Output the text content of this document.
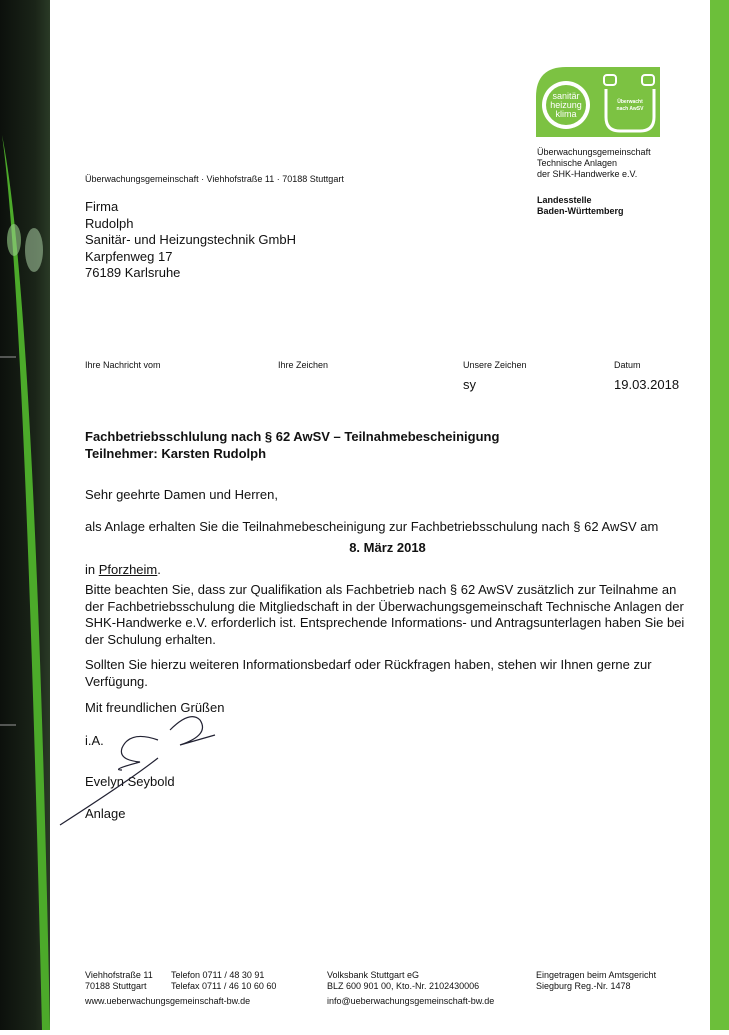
sanitär
heizung
klima
Überwacht
nach AwSV
Überwachungsgemeinschaft
Technische Anlagen
der SHK-Handwerke e.V.
Landesstelle
Baden-Württemberg
Überwachungsgemeinschaft · Viehhofstraße 11 · 70188 Stuttgart
Firma
Rudolph
Sanitär- und Heizungstechnik GmbH
Karpfenweg 17
76189 Karlsruhe
Ihre Nachricht vom	Ihre Zeichen	Unsere Zeichen
sy
Datum
19.03.2018
Fachbetriebsschlulung nach § 62 AwSV – Teilnahmebescheinigung
Teilnehmer: Karsten Rudolph

Sehr geehrte Damen und Herren,

als Anlage erhalten Sie die Teilnahmebescheinigung zur Fachbetriebsschulung nach § 62 AwSV am

8. März 2018

in Pforzheim.

Bitte beachten Sie, dass zur Qualifikation als Fachbetrieb nach § 62 AwSV zusätzlich zur Teilnahme an der Fachbetriebsschulung die Mitgliedschaft in der Überwachungsgemeinschaft Technische Anlagen der SHK-Handwerke e.V. erforderlich ist. Entsprechende Informations- und Antragsunterlagen haben Sie bei der Schulung erhalten.

Sollten Sie hierzu weiteren Informationsbedarf oder Rückfragen haben, stehen wir Ihnen gerne zur Verfügung.

Mit freundlichen Grüßen

i.A.

Evelyn Seybold

Anlage

Viehhofstraße 11
70188 Stuttgart
www.ueberwachungsgemeinschaft-bw.de
Telefon 0711 / 48 30 91
Telefax 0711 / 46 10 60 60
Volksbank Stuttgart eG
BLZ 600 901 00, Kto.-Nr. 2102430006
info@ueberwachungsgemeinschaft-bw.de
Eingetragen beim Amtsgericht
Siegburg Reg.-Nr. 1478
